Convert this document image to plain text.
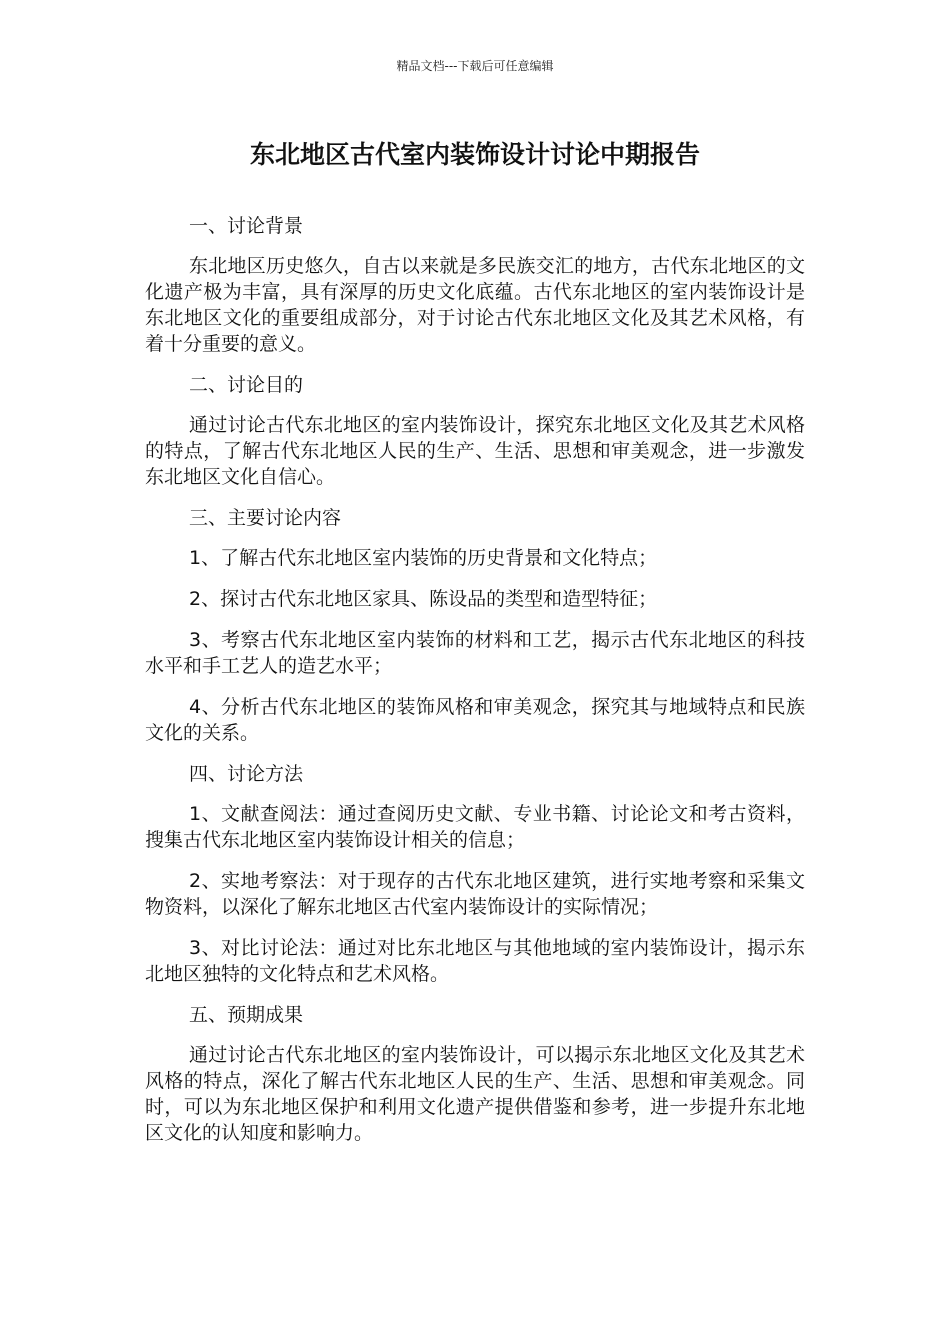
精品文档---下载后可任意编辑
东北地区古代室内装饰设计讨论中期报告

一、讨论背景

东北地区历史悠久，自古以来就是多民族交汇的地方，古代东北地区的文化遗产极为丰富，具有深厚的历史文化底蕴。古代东北地区的室内装饰设计是东北地区文化的重要组成部分，对于讨论古代东北地区文化及其艺术风格，有着十分重要的意义。

二、讨论目的

通过讨论古代东北地区的室内装饰设计，探究东北地区文化及其艺术风格的特点，了解古代东北地区人民的生产、生活、思想和审美观念，进一步激发东北地区文化自信心。

三、主要讨论内容

1、了解古代东北地区室内装饰的历史背景和文化特点；

2、探讨古代东北地区家具、陈设品的类型和造型特征；

3、考察古代东北地区室内装饰的材料和工艺，揭示古代东北地区的科技水平和手工艺人的造艺水平；

4、分析古代东北地区的装饰风格和审美观念，探究其与地域特点和民族文化的关系。

四、讨论方法

1、文献查阅法：通过查阅历史文献、专业书籍、讨论论文和考古资料，搜集古代东北地区室内装饰设计相关的信息；

2、实地考察法：对于现存的古代东北地区建筑，进行实地考察和采集文物资料，以深化了解东北地区古代室内装饰设计的实际情况；

3、对比讨论法：通过对比东北地区与其他地域的室内装饰设计，揭示东北地区独特的文化特点和艺术风格。

五、预期成果

通过讨论古代东北地区的室内装饰设计，可以揭示东北地区文化及其艺术风格的特点，深化了解古代东北地区人民的生产、生活、思想和审美观念。同时，可以为东北地区保护和利用文化遗产提供借鉴和参考，进一步提升东北地区文化的认知度和影响力。
